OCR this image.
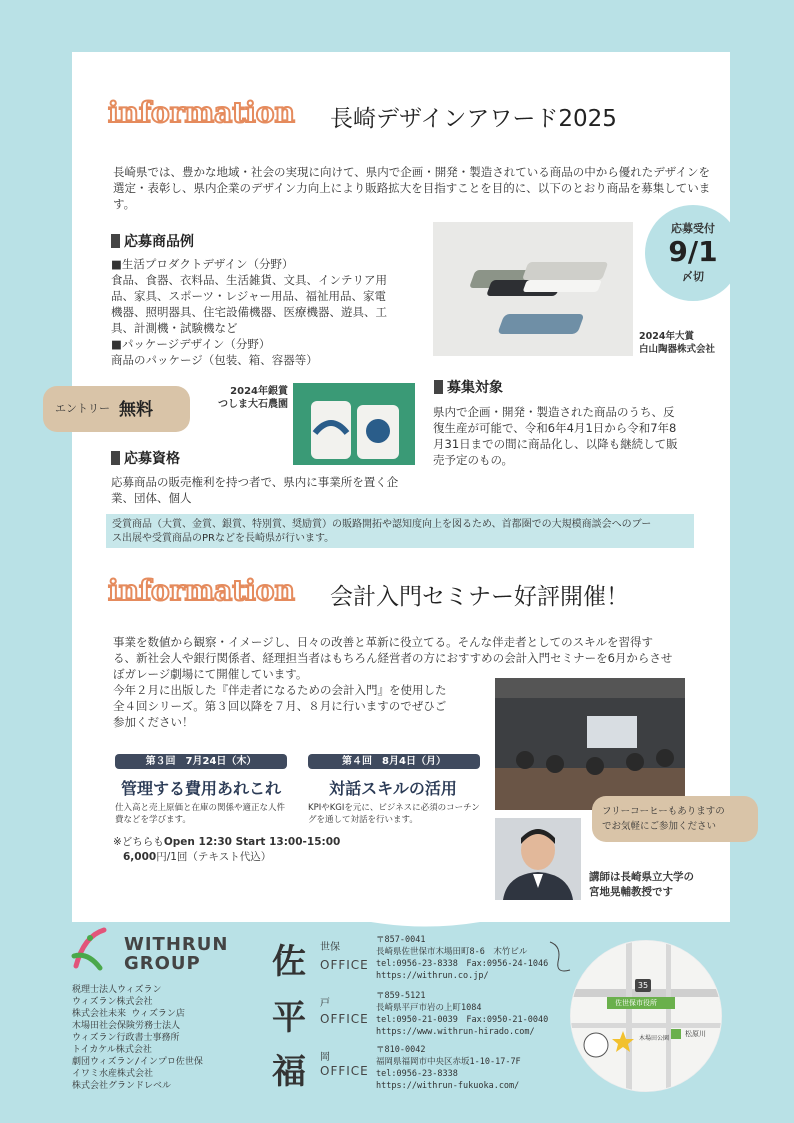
information 長崎デザインアワード2025
長崎県では、豊かな地域・社会の実現に向けて、県内で企画・開発・製造されている商品の中から優れたデザインを選定・表彰し、県内企業のデザイン力向上により販路拡大を目指すことを目的に、以下のとおり商品を募集しています。
応募受付
9/1
〆切
応募商品例
■生活プロダクトデザイン（分野）
食品、食器、衣料品、生活雑貨、文具、インテリア用
品、家具、スポーツ・レジャー用品、福祉用品、家電
機器、照明器具、住宅設備機器、医療機器、遊具、工
具、計測機・試験機など
■パッケージデザイン（分野）
商品のパッケージ（包装、箱、容器等）
2024年大賞
白山陶器株式会社
2024年銀賞
つしま大石農園
エントリー 無料
募集対象
県内で企画・開発・製造された商品のうち、反
復生産が可能で、令和6年4月1日から令和7年8
月31日までの間に商品化し、以降も継続して販
売予定のもの。
応募資格
応募商品の販売権利を持つ者で、県内に事業所を置く企
業、団体、個人
受賞商品（大賞、金賞、銀賞、特別賞、奨励賞）の販路開拓や認知度向上を図るため、首都圏での大規模商談会へのブー
ス出展や受賞商品のPRなどを長崎県が行います。
information 会計入門セミナー好評開催！
事業を数値から観察・イメージし、日々の改善と革新に役立てる。そんな伴走者としてのスキルを習得す
る、新社会人や銀行関係者、経理担当者はもちろん経営者の方におすすめの会計入門セミナーを6月からさせ
ぼガレージ劇場にて開催しています。
今年２月に出版した『伴走者になるための会計入門』を使用した
全４回シリーズ。第３回以降を７月、８月に行いますのでぜひご
参加ください！
第３回　7月24日（木）
管理する費用あれこれ
仕入高と売上原価と在庫の関係や適正な人件
費などを学びます。
第４回　8月4日（月）
対話スキルの活用
KPIやKGIを元に、ビジネスに必須のコーチン
グを通して対話を行います。
※どちらもOpen 12:30 Start 13:00-15:00
6,000円/1回（テキスト代込）
フリーコーヒーもありますの
でお気軽にご参加ください
講師は長崎県立大学の
宮地晃輔教授です
WITHRUN
GROUP
税理士法人ウィズラン
ウィズラン株式会社
株式会社未来 ウィズラン店
木場田社会保険労務士法人
ウィズラン行政書士事務所
トイカケル株式会社
劇団ウィズラン/インプロ佐世保
イワミ水産株式会社
株式会社グランドレベル
佐 世保
OFFICE
〒857-0041
長崎県佐世保市木場田町8-6　木竹ビル
tel:0956-23-8338　Fax:0956-24-1046
https://withrun.co.jp/
平 戸
OFFICE
〒859-5121
長崎県平戸市岩の上町1084
tel:0950-21-0039　Fax:0950-21-0040
https://www.withrun-hirado.com/
福 岡
OFFICE
〒810-0042
福岡県福岡市中央区赤坂1-10-17-7F
tel:0956-23-8338
https://withrun-fukuoka.com/
35
佐世保市役所
松原川
木場田公園
